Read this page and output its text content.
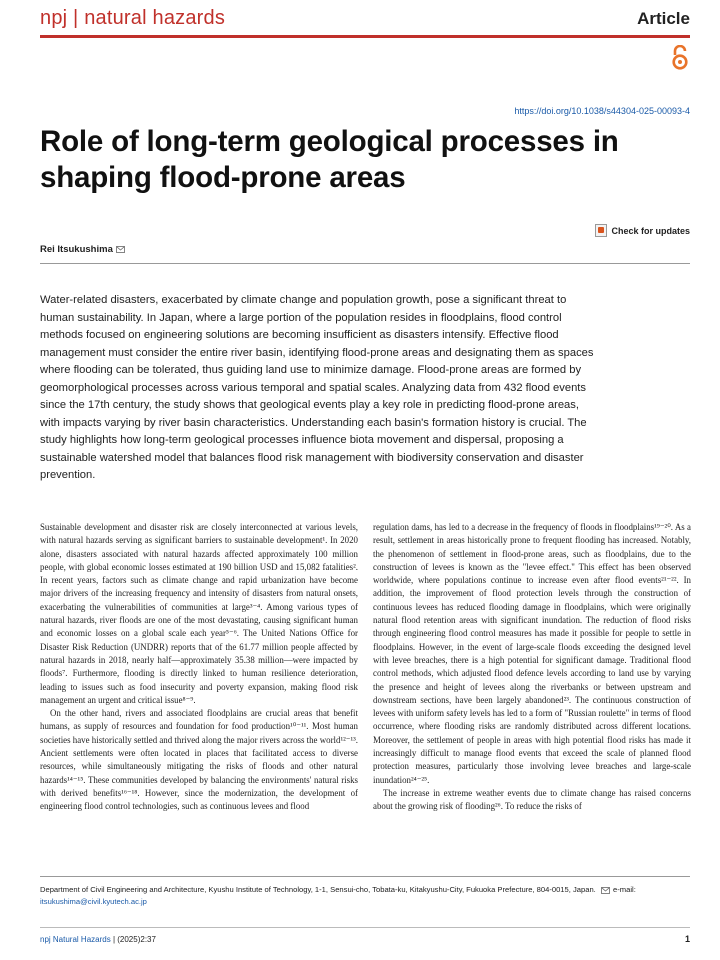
npj | natural hazards	Article
https://doi.org/10.1038/s44304-025-00093-4
Role of long-term geological processes in shaping flood-prone areas
Check for updates
Rei Itsukushima
Water-related disasters, exacerbated by climate change and population growth, pose a significant threat to human sustainability. In Japan, where a large portion of the population resides in floodplains, flood control methods focused on engineering solutions are becoming insufficient as disasters intensify. Effective flood management must consider the entire river basin, identifying flood-prone areas and designating them as spaces where flooding can be tolerated, thus guiding land use to minimize damage. Flood-prone areas are formed by geomorphological processes across various temporal and spatial scales. Analyzing data from 432 flood events since the 17th century, the study shows that geological events play a key role in predicting flood-prone areas, with impacts varying by river basin characteristics. Understanding each basin's formation history is crucial. The study highlights how long-term geological processes influence biota movement and dispersal, proposing a sustainable watershed model that balances flood risk management with biodiversity conservation and disaster prevention.

Sustainable development and disaster risk are closely interconnected at various levels, with natural hazards serving as significant barriers to sustainable development¹. In 2020 alone, disasters associated with natural hazards affected approximately 100 million people, with global economic losses estimated at 190 billion USD and 15,082 fatalities². In recent years, factors such as climate change and rapid urbanization have become major drivers of the increasing frequency and intensity of disasters from natural onsets, exacerbating the vulnerabilities of communities at large³⁻⁴. Among various types of natural hazards, river floods are one of the most devastating, causing significant human and economic losses on a global scale each year⁵⁻⁶. The United Nations Office for Disaster Risk Reduction (UNDRR) reports that of the 61.77 million people affected by natural hazards in 2018, nearly half—approximately 35.38 million—were impacted by floods⁷. Furthermore, flooding is directly linked to human resilience deterioration, leading to issues such as food insecurity and poverty expansion, making flood risk management an urgent and critical issue⁸⁻⁹.

On the other hand, rivers and associated floodplains are crucial areas that benefit humans, as supply of resources and foundation for food production¹⁰⁻¹¹. Most human societies have historically settled and thrived along the major rivers across the world¹²⁻¹³. Ancient settlements were often located in places that facilitated access to diverse resources, while simultaneously mitigating the risks of floods and other natural hazards¹⁴⁻¹⁵. These communities developed by balancing the environments' natural risks with derived benefits¹⁶⁻¹⁸. However, since the modernization, the development of engineering flood control technologies, such as continuous levees and flood

regulation dams, has led to a decrease in the frequency of floods in floodplains¹⁹⁻²⁰. As a result, settlement in areas historically prone to frequent flooding has increased. Notably, the phenomenon of settlement in flood-prone areas, such as floodplains, due to the construction of levees is known as the "levee effect." This effect has been observed worldwide, where populations continue to increase even after flood events²¹⁻²². In addition, the improvement of flood protection levels through the construction of continuous levees has reduced flooding damage in floodplains, which were originally natural flood retention areas with significant inundation. The reduction of flood risks through engineering flood control measures has made it possible for people to settle in floodplains. However, in the event of large-scale floods exceeding the designed level with levee breaches, there is a high potential for significant damage. Traditional flood control methods, which adjusted flood defence levels according to land use by varying the presence and height of levees along the riverbanks or between upstream and downstream sections, have been largely abandoned²³. The continuous construction of levees with uniform safety levels has led to a form of "Russian roulette" in terms of flood occurrence, where flooding risks are randomly distributed across different locations. Moreover, the settlement of people in areas with high potential flood risks has made it increasingly difficult to manage flood events that exceed the scale of planned flood protection measures, particularly those involving levee breaches and large-scale inundation²⁴⁻²⁵.

The increase in extreme weather events due to climate change has raised concerns about the growing risk of flooding²⁶. To reduce the risks of

Department of Civil Engineering and Architecture, Kyushu Institute of Technology, 1-1, Sensui-cho, Tobata-ku, Kitakyushu-City, Fukuoka Prefecture, 804-0015, Japan. e-mail: itsukushima@civil.kyutech.ac.jp
npj Natural Hazards | (2025)2:37	1
